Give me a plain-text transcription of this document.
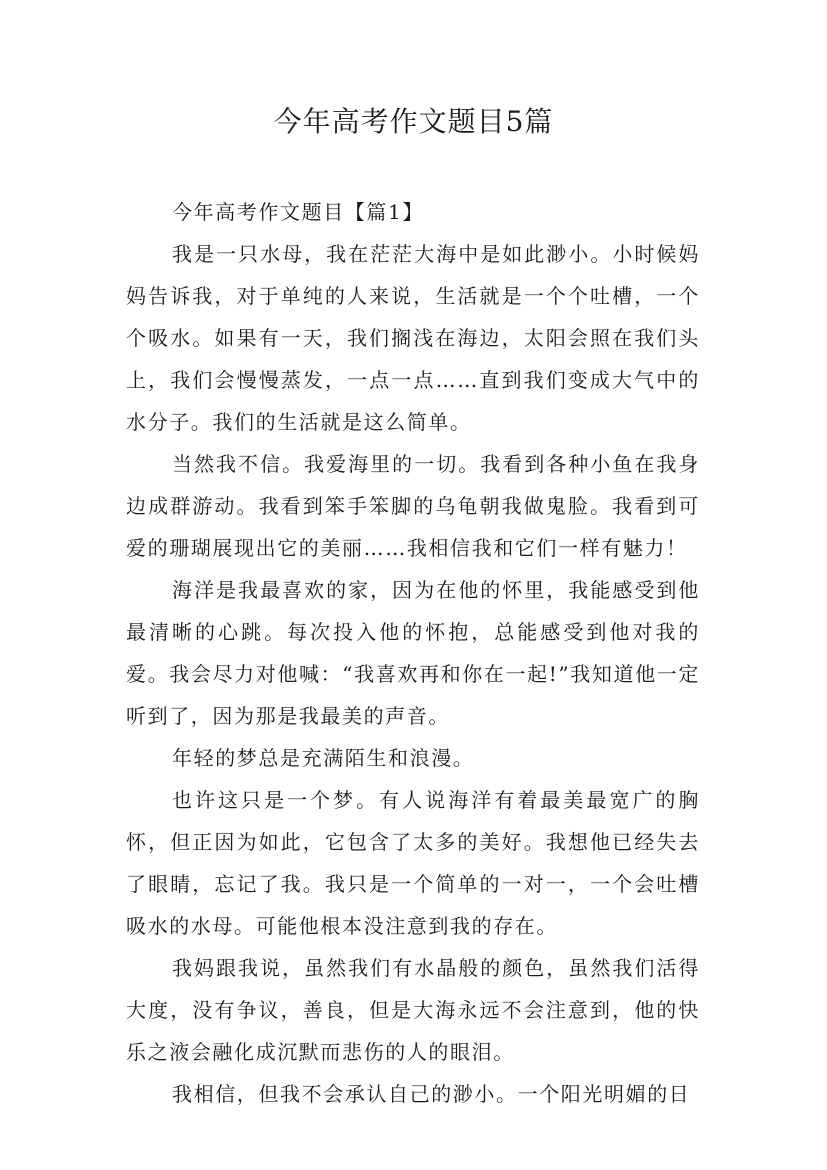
今年高考作文题目5篇

今年高考作文题目【篇1】

我是一只水母，我在茫茫大海中是如此渺小。小时候妈妈告诉我，对于单纯的人来说，生活就是一个个吐槽，一个个吸水。如果有一天，我们搁浅在海边，太阳会照在我们头上，我们会慢慢蒸发，一点一点……直到我们变成大气中的水分子。我们的生活就是这么简单。

当然我不信。我爱海里的一切。我看到各种小鱼在我身边成群游动。我看到笨手笨脚的乌龟朝我做鬼脸。我看到可爱的珊瑚展现出它的美丽……我相信我和它们一样有魅力！

海洋是我最喜欢的家，因为在他的怀里，我能感受到他最清晰的心跳。每次投入他的怀抱，总能感受到他对我的爱。我会尽力对他喊：“我喜欢再和你在一起!”我知道他一定听到了，因为那是我最美的声音。

年轻的梦总是充满陌生和浪漫。

也许这只是一个梦。有人说海洋有着最美最宽广的胸怀，但正因为如此，它包含了太多的美好。我想他已经失去了眼睛，忘记了我。我只是一个简单的一对一，一个会吐槽吸水的水母。可能他根本没注意到我的存在。

我妈跟我说，虽然我们有水晶般的颜色，虽然我们活得大度，没有争议，善良，但是大海永远不会注意到，他的快乐之液会融化成沉默而悲伤的人的眼泪。

我相信，但我不会承认自己的渺小。一个阳光明媚的日
